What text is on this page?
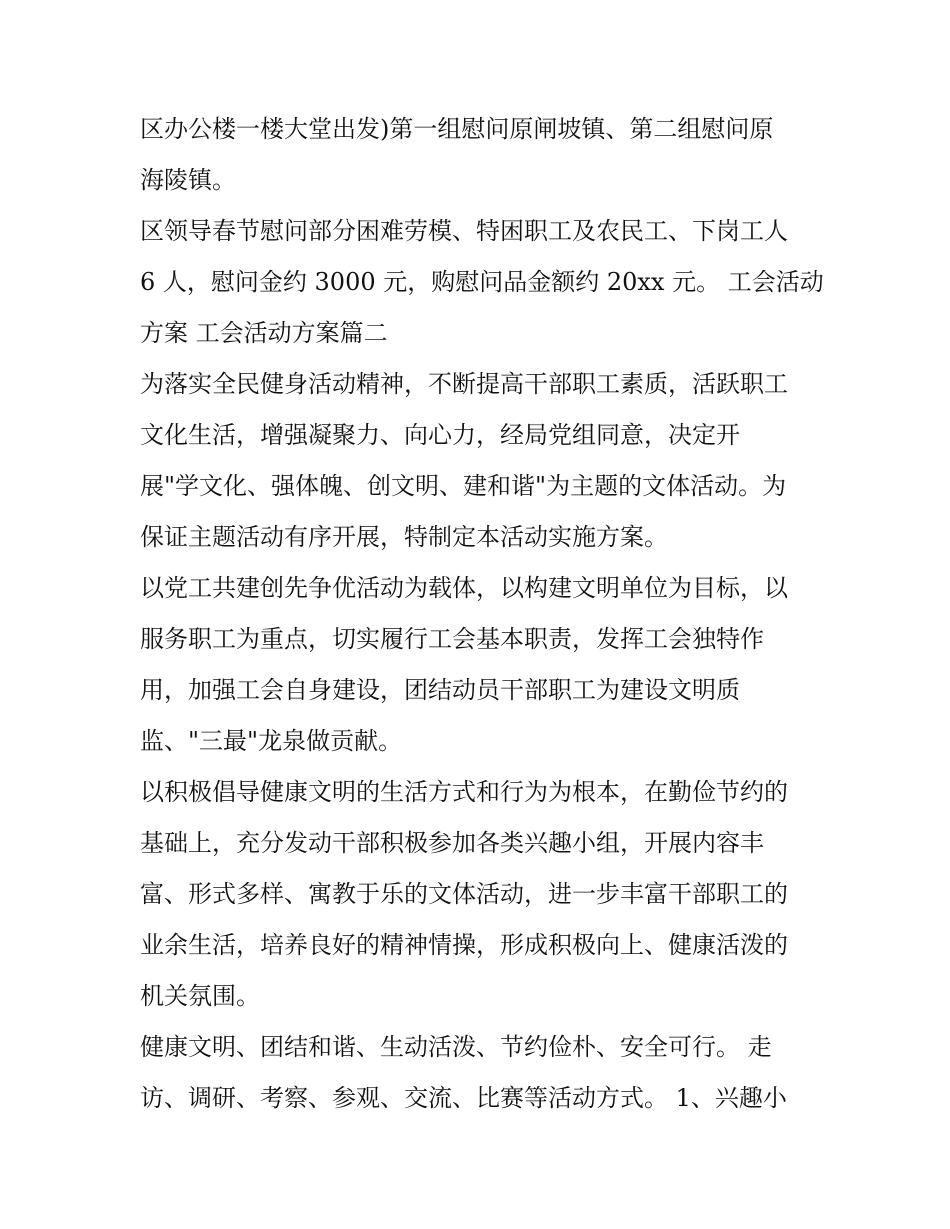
区办公楼一楼大堂出发)第一组慰问原闸坡镇、第二组慰问原
海陵镇。
区领导春节慰问部分困难劳模、特困职工及农民工、下岗工人
6 人，慰问金约 3000 元，购慰问品金额约 20xx 元。 工会活动
方案 工会活动方案篇二
为落实全民健身活动精神，不断提高干部职工素质，活跃职工
文化生活，增强凝聚力、向心力，经局党组同意，决定开
展"学文化、强体魄、创文明、建和谐"为主题的文体活动。为
保证主题活动有序开展，特制定本活动实施方案。
以党工共建创先争优活动为载体，以构建文明单位为目标，以
服务职工为重点，切实履行工会基本职责，发挥工会独特作
用，加强工会自身建设，团结动员干部职工为建设文明质
监、"三最"龙泉做贡献。
以积极倡导健康文明的生活方式和行为为根本，在勤俭节约的
基础上，充分发动干部积极参加各类兴趣小组，开展内容丰
富、形式多样、寓教于乐的文体活动，进一步丰富干部职工的
业余生活，培养良好的精神情操，形成积极向上、健康活泼的
机关氛围。
健康文明、团结和谐、生动活泼、节约俭朴、安全可行。 走
访、调研、考察、参观、交流、比赛等活动方式。 1、兴趣小
